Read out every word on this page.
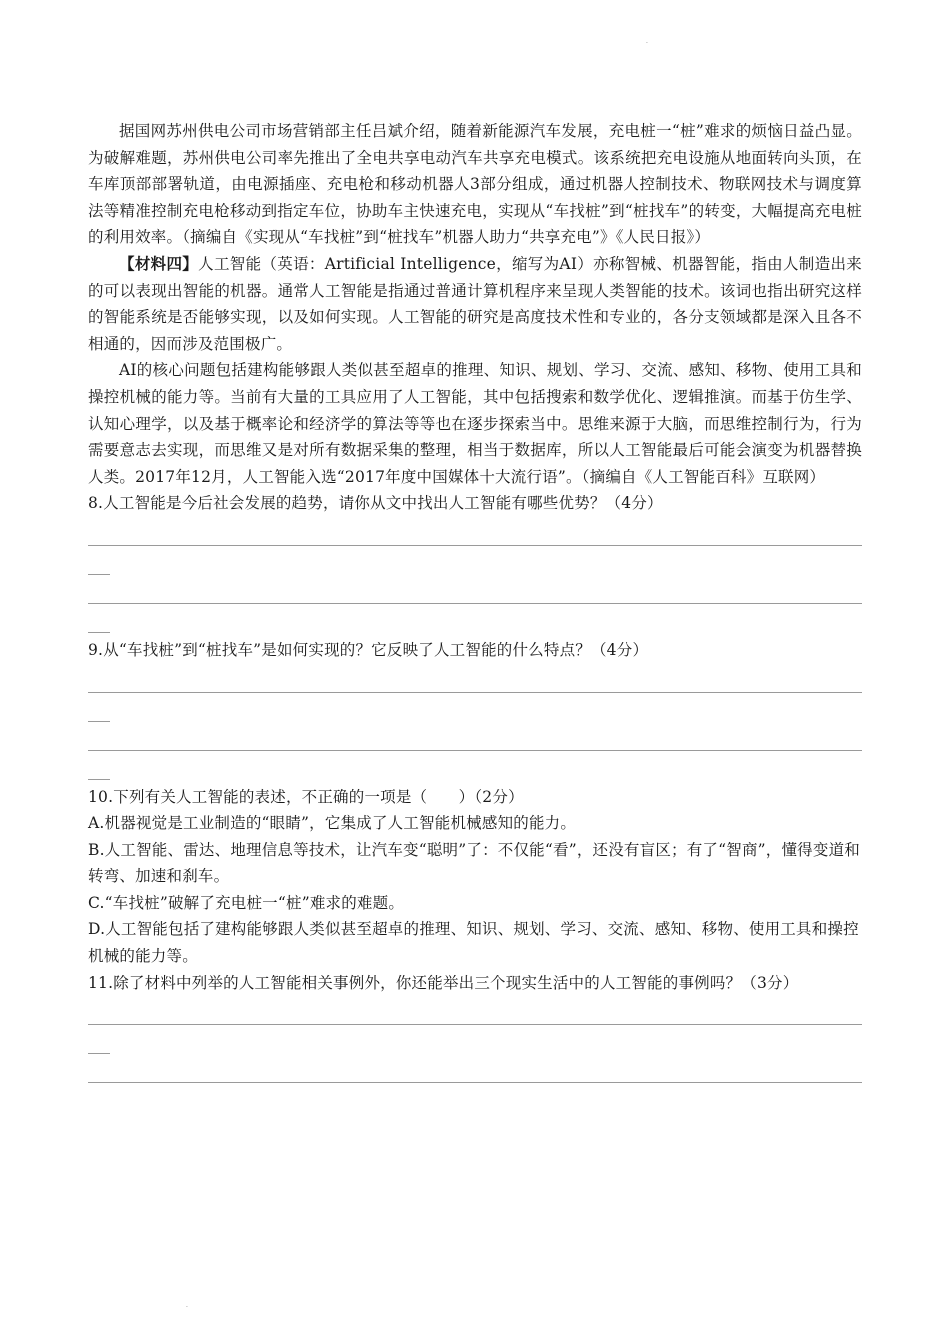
·
·

据国网苏州供电公司市场营销部主任吕斌介绍，随着新能源汽车发展，充电桩一“桩”难求的烦恼日益凸显。为破解难题，苏州供电公司率先推出了全电共享电动汽车共享充电模式。该系统把充电设施从地面转向头顶，在车库顶部部署轨道，由电源插座、充电枪和移动机器人3部分组成，通过机器人控制技术、物联网技术与调度算法等精准控制充电枪移动到指定车位，协助车主快速充电，实现从“车找桩”到“桩找车”的转变，大幅提高充电桩的利用效率。（摘编自《实现从“车找桩”到“桩找车”机器人助力“共享充电”》《人民日报》）

【材料四】人工智能（英语：Artificial Intelligence，缩写为AI）亦称智械、机器智能，指由人制造出来的可以表现出智能的机器。通常人工智能是指通过普通计算机程序来呈现人类智能的技术。该词也指出研究这样的智能系统是否能够实现，以及如何实现。人工智能的研究是高度技术性和专业的，各分支领域都是深入且各不相通的，因而涉及范围极广。

AI的核心问题包括建构能够跟人类似甚至超卓的推理、知识、规划、学习、交流、感知、移物、使用工具和操控机械的能力等。当前有大量的工具应用了人工智能，其中包括搜索和数学优化、逻辑推演。而基于仿生学、认知心理学，以及基于概率论和经济学的算法等等也在逐步探索当中。思维来源于大脑，而思维控制行为，行为需要意志去实现，而思维又是对所有数据采集的整理，相当于数据库，所以人工智能最后可能会演变为机器替换人类。2017年12月，人工智能入选“2017年度中国媒体十大流行语”。（摘编自《人工智能百科》互联网）

8.人工智能是今后社会发展的趋势，请你从文中找出人工智能有哪些优势？（4分）

9.从“车找桩”到“桩找车”是如何实现的？它反映了人工智能的什么特点？（4分）

10.下列有关人工智能的表述，不正确的一项是（　　）（2分）

A.机器视觉是工业制造的“眼睛”，它集成了人工智能机械感知的能力。

B.人工智能、雷达、地理信息等技术，让汽车变“聪明”了：不仅能“看”，还没有盲区；有了“智商”，懂得变道和转弯、加速和刹车。

C.“车找桩”破解了充电桩一“桩”难求的难题。

D.人工智能包括了建构能够跟人类似甚至超卓的推理、知识、规划、学习、交流、感知、移物、使用工具和操控机械的能力等。

11.除了材料中列举的人工智能相关事例外，你还能举出三个现实生活中的人工智能的事例吗？（3分）
